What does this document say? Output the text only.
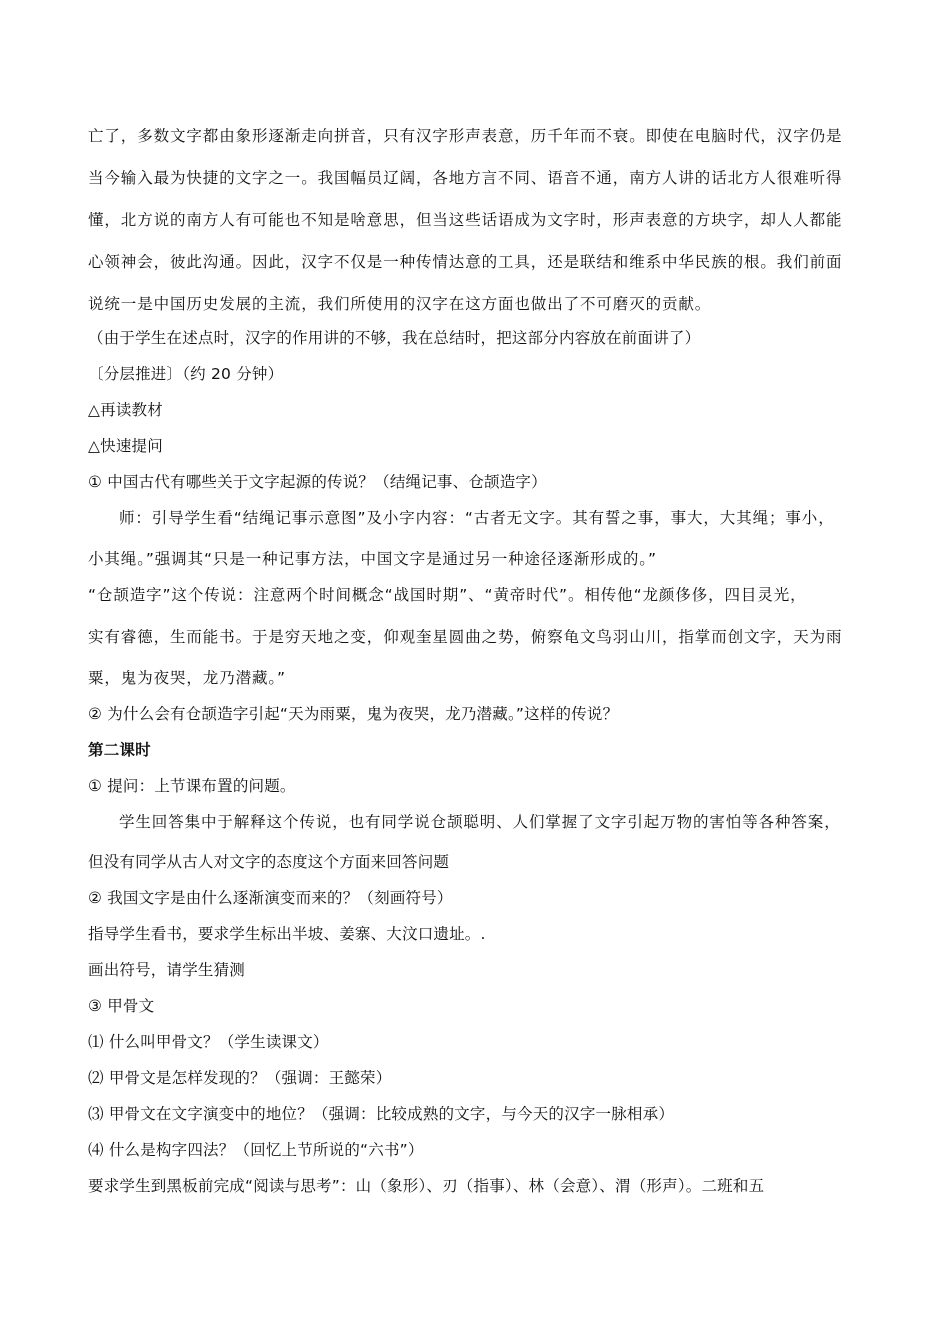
亡了，多数文字都由象形逐渐走向拼音，只有汉字形声表意，历千年而不衰。即使在电脑时代，汉字仍是
当今输入最为快捷的文字之一。我国幅员辽阔，各地方言不同、语音不通，南方人讲的话北方人很难听得
懂，北方说的南方人有可能也不知是啥意思，但当这些话语成为文字时，形声表意的方块字，却人人都能
心领神会，彼此沟通。因此，汉字不仅是一种传情达意的工具，还是联结和维系中华民族的根。我们前面
说统一是中国历史发展的主流，我们所使用的汉字在这方面也做出了不可磨灭的贡献。
（由于学生在述点时，汉字的作用讲的不够，我在总结时，把这部分内容放在前面讲了）
〔分层推进〕（约 20 分钟）
△再读教材
△快速提问
① 中国古代有哪些关于文字起源的传说？（结绳记事、仓颉造字）
师：引导学生看“结绳记事示意图”及小字内容：“古者无文字。其有誓之事，事大，大其绳；事小，
小其绳。”强调其“只是一种记事方法，中国文字是通过另一种途径逐渐形成的。”
“仓颉造字”这个传说：注意两个时间概念“战国时期”、“黄帝时代”。相传他“龙颜侈侈，四目灵光，
实有睿德，生而能书。于是穷天地之变，仰观奎星圆曲之势，俯察龟文鸟羽山川，指掌而创文字，天为雨
粟，鬼为夜哭，龙乃潜藏。”
② 为什么会有仓颉造字引起“天为雨粟，鬼为夜哭，龙乃潜藏。”这样的传说？
第二课时
① 提问：上节课布置的问题。
学生回答集中于解释这个传说，也有同学说仓颉聪明、人们掌握了文字引起万物的害怕等各种答案，
但没有同学从古人对文字的态度这个方面来回答问题
② 我国文字是由什么逐渐演变而来的？（刻画符号）
指导学生看书，要求学生标出半坡、姜寨、大汶口遗址。.
画出符号，请学生猜测
③ 甲骨文
⑴ 什么叫甲骨文？（学生读课文）
⑵ 甲骨文是怎样发现的？（强调：王懿荣）
⑶ 甲骨文在文字演变中的地位？（强调：比较成熟的文字，与今天的汉字一脉相承）
⑷ 什么是构字四法？（回忆上节所说的“六书”）
要求学生到黑板前完成“阅读与思考”：山（象形）、刃（指事）、林（会意）、渭（形声）。二班和五
